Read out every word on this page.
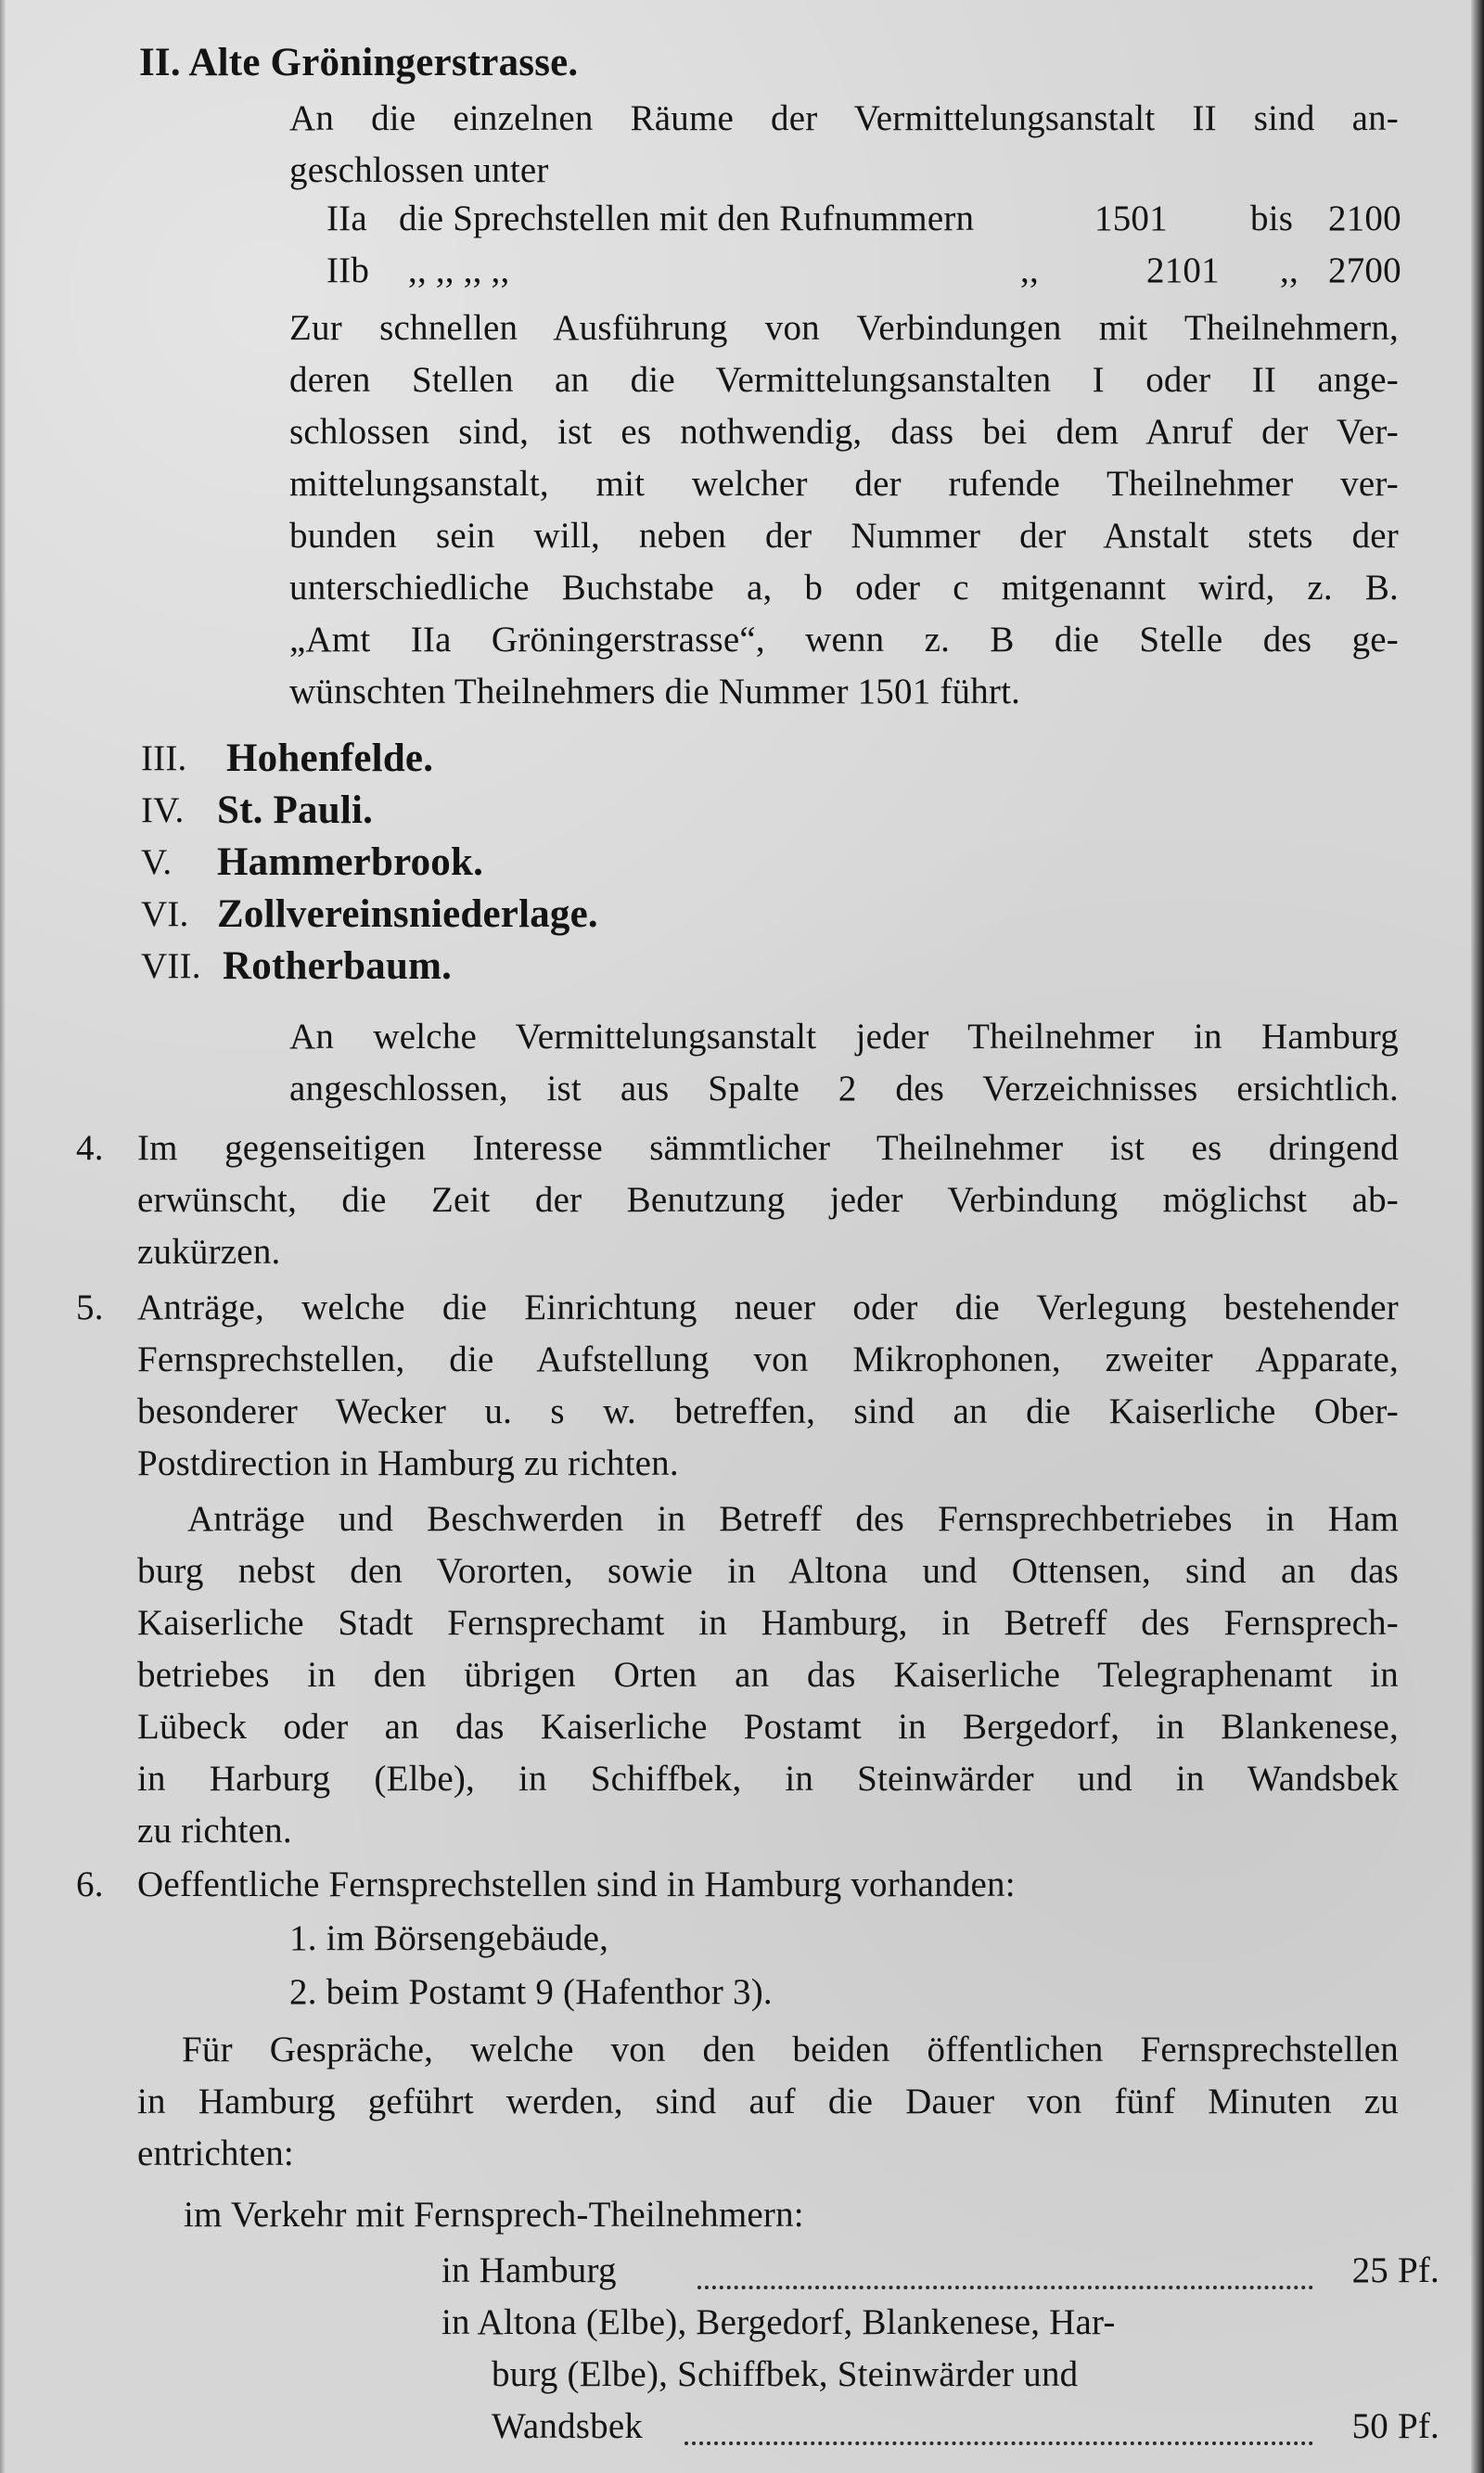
II. Alte Gröningerstrasse.

An die einzelnen Räume der Vermittelungsanstalt II sind an-

geschlossen unter

IIa die Sprechstellen mit den Rufnummern	1501 bis 2100

IIb ,, ,, ,, ,,	,,	2101 ,, 2700

Zur schnellen Ausführung von Verbindungen mit Theilnehmern,

deren Stellen an die Vermittelungsanstalten I oder II ange-

schlossen sind, ist es nothwendig, dass bei dem Anruf der Ver-

mittelungsanstalt, mit welcher der rufende Theilnehmer ver-

bunden sein will, neben der Nummer der Anstalt stets der

unterschiedliche Buchstabe a, b oder c mitgenannt wird, z. B.

„Amt IIa Gröningerstrasse“, wenn z. B die Stelle des ge-

wünschten Theilnehmers die Nummer 1501 führt.

III. Hohenfelde.

IV. St. Pauli.

V. Hammerbrook.

VI. Zollvereinsniederlage.

VII. Rotherbaum.

An welche Vermittelungsanstalt jeder Theilnehmer in Hamburg

angeschlossen, ist aus Spalte 2 des Verzeichnisses ersichtlich.

4. Im gegenseitigen Interesse sämmtlicher Theilnehmer ist es dringend

erwünscht, die Zeit der Benutzung jeder Verbindung möglichst ab-

zukürzen.

5. Anträge, welche die Einrichtung neuer oder die Verlegung bestehender

Fernsprechstellen, die Aufstellung von Mikrophonen, zweiter Apparate,

besonderer Wecker u. s w. betreffen, sind an die Kaiserliche Ober-

Postdirection in Hamburg zu richten.

Anträge und Beschwerden in Betreff des Fernsprechbetriebes in Ham

burg nebst den Vororten, sowie in Altona und Ottensen, sind an das

Kaiserliche Stadt Fernsprechamt in Hamburg, in Betreff des Fernsprech-

betriebes in den übrigen Orten an das Kaiserliche Telegraphenamt in

Lübeck oder an das Kaiserliche Postamt in Bergedorf, in Blankenese,

in Harburg (Elbe), in Schiffbek, in Steinwärder und in Wandsbek

zu richten.

6. Oeffentliche Fernsprechstellen sind in Hamburg vorhanden:

1. im Börsengebäude,

2. beim Postamt 9 (Hafenthor 3).

Für Gespräche, welche von den beiden öffentlichen Fernsprechstellen

in Hamburg geführt werden, sind auf die Dauer von fünf Minuten zu

entrichten:

im Verkehr mit Fernsprech-Theilnehmern:

in Hamburg	25 Pf.

in Altona (Elbe), Bergedorf, Blankenese, Har-

burg (Elbe), Schiffbek, Steinwärder und

Wandsbek	50 Pf.
